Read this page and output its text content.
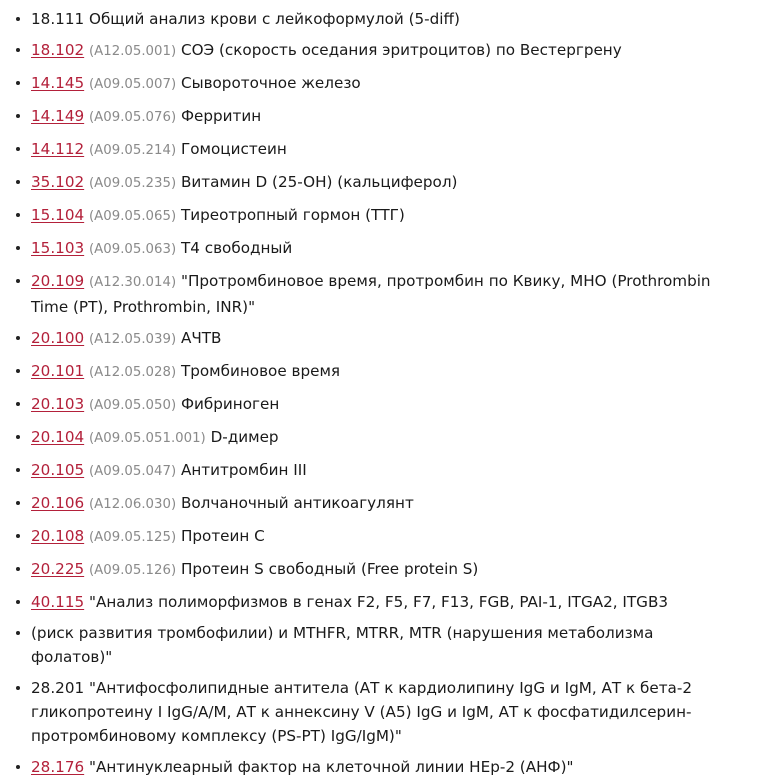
18.111 Общий анализ крови с лейкоформулой (5-diff)
18.102 (A12.05.001) СОЭ (скорость оседания эритроцитов) по Вестергрену
14.145 (A09.05.007) Сывороточное железо
14.149 (A09.05.076) Ферритин
14.112 (A09.05.214) Гомоцистеин
35.102 (A09.05.235) Витамин D (25-OH) (кальциферол)
15.104 (A09.05.065) Тиреотропный гормон (ТТГ)
15.103 (A09.05.063) Т4 свободный
20.109 (A12.30.014) "Протромбиновое время, протромбин по Квику, МНО (Prothrombin Time (PT), Prothrombin, INR)"
20.100 (A12.05.039) АЧТВ
20.101 (A12.05.028) Тромбиновое время
20.103 (A09.05.050) Фибриноген
20.104 (A09.05.051.001) D-димер
20.105 (A09.05.047) Антитромбин III
20.106 (A12.06.030) Волчаночный антикоагулянт
20.108 (A09.05.125) Протеин С
20.225 (A09.05.126) Протеин S свободный (Free protein S)
40.115 "Анализ полиморфизмов в генах F2, F5, F7, F13, FGB, PAI-1, ITGA2, ITGB3
(риск развития тромбофилии) и MTHFR, MTRR, MTR (нарушения метаболизма фолатов)"
28.201 "Антифосфолипидные антитела (АТ к кардиолипину IgG и IgM, АТ к бета-2 гликопротеину I IgG/A/M, АТ к аннексину V (A5) IgG и IgM, АТ к фосфатидилсерин-протромбиновому комплексу (PS-PT) IgG/IgM)"
28.176 "Антинуклеарный фактор на клеточной линии HEp-2 (АНФ)"
